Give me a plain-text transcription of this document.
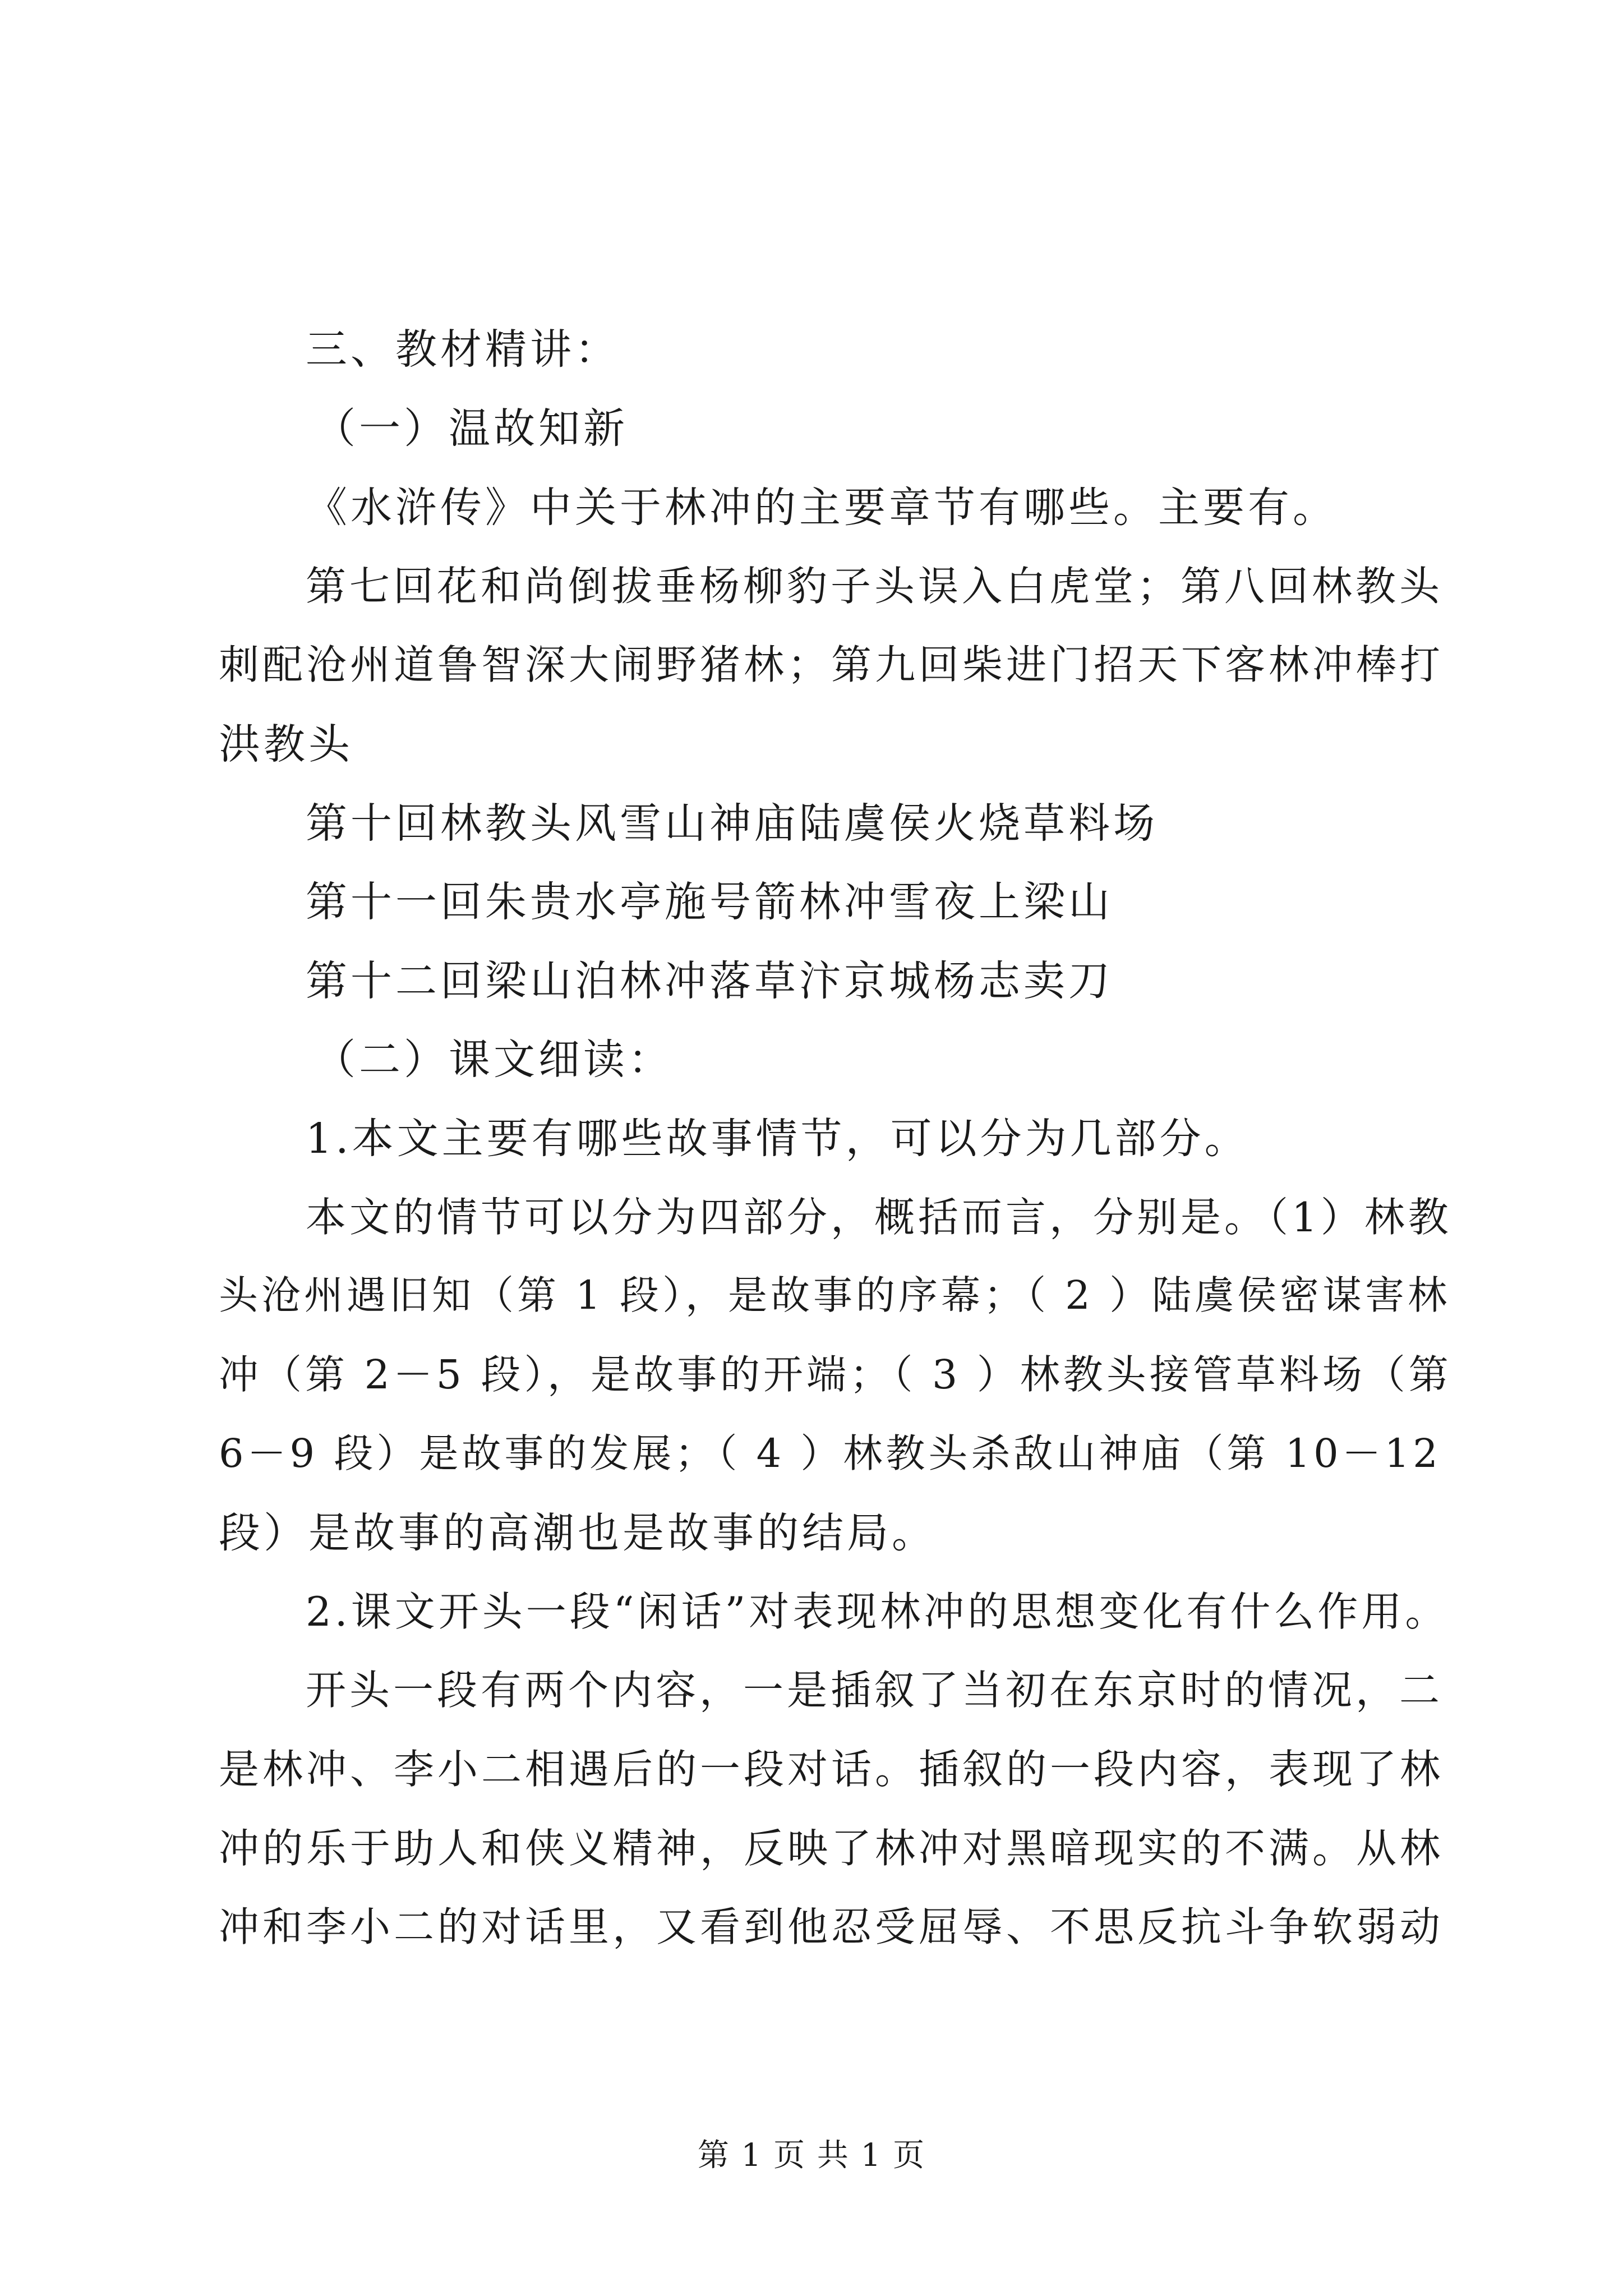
三、教材精讲：

（一）温故知新

《水浒传》中关于林冲的主要章节有哪些。主要有。

第七回花和尚倒拔垂杨柳豹子头误入白虎堂；第八回林教头

刺配沧州道鲁智深大闹野猪林；第九回柴进门招天下客林冲棒打

洪教头

第十回林教头风雪山神庙陆虞侯火烧草料场

第十一回朱贵水亭施号箭林冲雪夜上梁山

第十二回梁山泊林冲落草汴京城杨志卖刀

（二）课文细读：

1.本文主要有哪些故事情节，可以分为几部分。

本文的情节可以分为四部分，概括而言，分别是。（1）林教

头沧州遇旧知（第 1 段），是故事的序幕；（ 2 ）陆虞侯密谋害林

冲（第 2－5 段），是故事的开端；（ 3 ）林教头接管草料场（第

6－9 段）是故事的发展；（ 4 ）林教头杀敌山神庙（第 10－12

段）是故事的高潮也是故事的结局。

2.课文开头一段“闲话”对表现林冲的思想变化有什么作用。

开头一段有两个内容，一是插叙了当初在东京时的情况，二

是林冲、李小二相遇后的一段对话。插叙的一段内容，表现了林

冲的乐于助人和侠义精神，反映了林冲对黑暗现实的不满。从林

冲和李小二的对话里，又看到他忍受屈辱、不思反抗斗争软弱动

第 1 页 共 1 页
